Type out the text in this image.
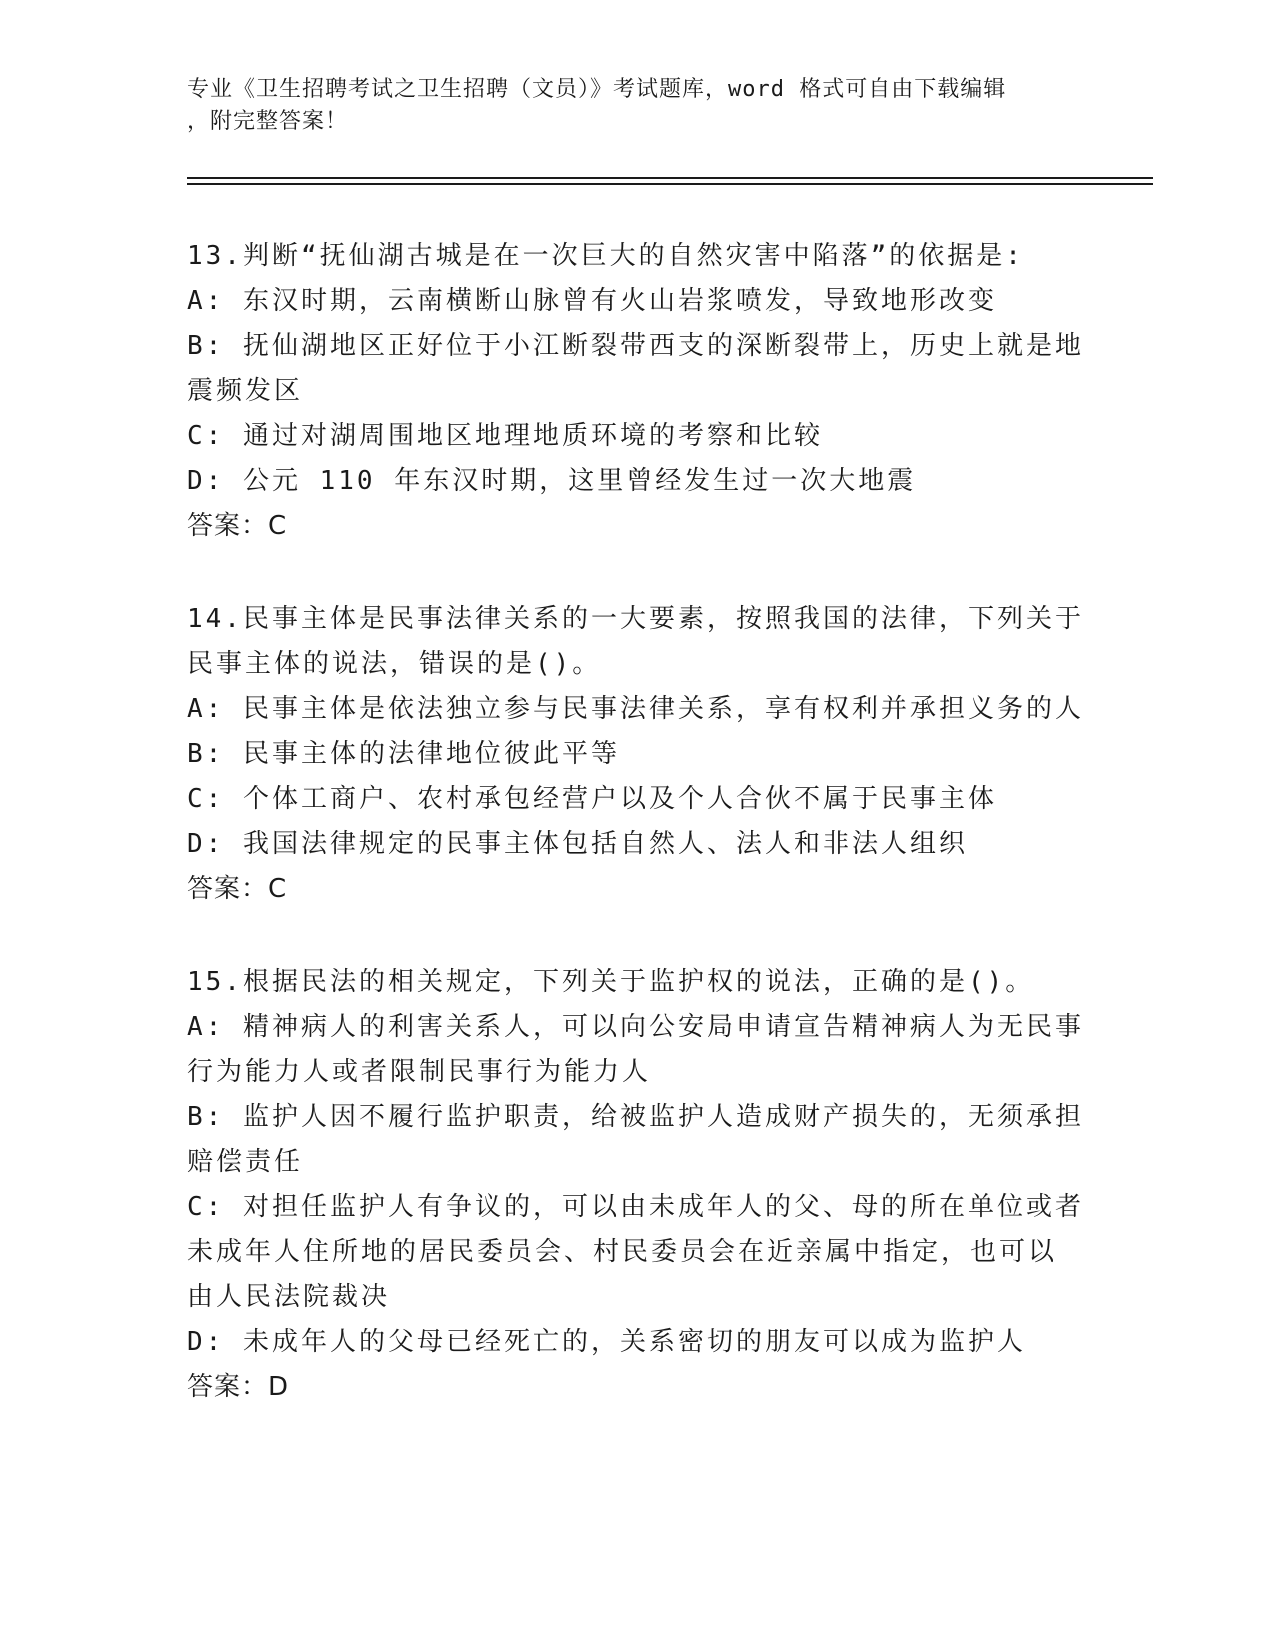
专业《卫生招聘考试之卫生招聘（文员）》考试题库，word 格式可自由下载编辑
，附完整答案！
13.判断“抚仙湖古城是在一次巨大的自然灾害中陷落”的依据是:
A: 东汉时期，云南横断山脉曾有火山岩浆喷发，导致地形改变
B: 抚仙湖地区正好位于小江断裂带西支的深断裂带上，历史上就是地
震频发区
C: 通过对湖周围地区地理地质环境的考察和比较
D: 公元 110 年东汉时期，这里曾经发生过一次大地震
答案：C
14.民事主体是民事法律关系的一大要素，按照我国的法律，下列关于
民事主体的说法，错误的是()。
A: 民事主体是依法独立参与民事法律关系，享有权利并承担义务的人
B: 民事主体的法律地位彼此平等
C: 个体工商户、农村承包经营户以及个人合伙不属于民事主体
D: 我国法律规定的民事主体包括自然人、法人和非法人组织
答案：C
15.根据民法的相关规定，下列关于监护权的说法，正确的是()。
A: 精神病人的利害关系人，可以向公安局申请宣告精神病人为无民事
行为能力人或者限制民事行为能力人
B: 监护人因不履行监护职责，给被监护人造成财产损失的，无须承担
赔偿责任
C: 对担任监护人有争议的，可以由未成年人的父、母的所在单位或者
未成年人住所地的居民委员会、村民委员会在近亲属中指定，也可以
由人民法院裁决
D: 未成年人的父母已经死亡的，关系密切的朋友可以成为监护人
答案：D
